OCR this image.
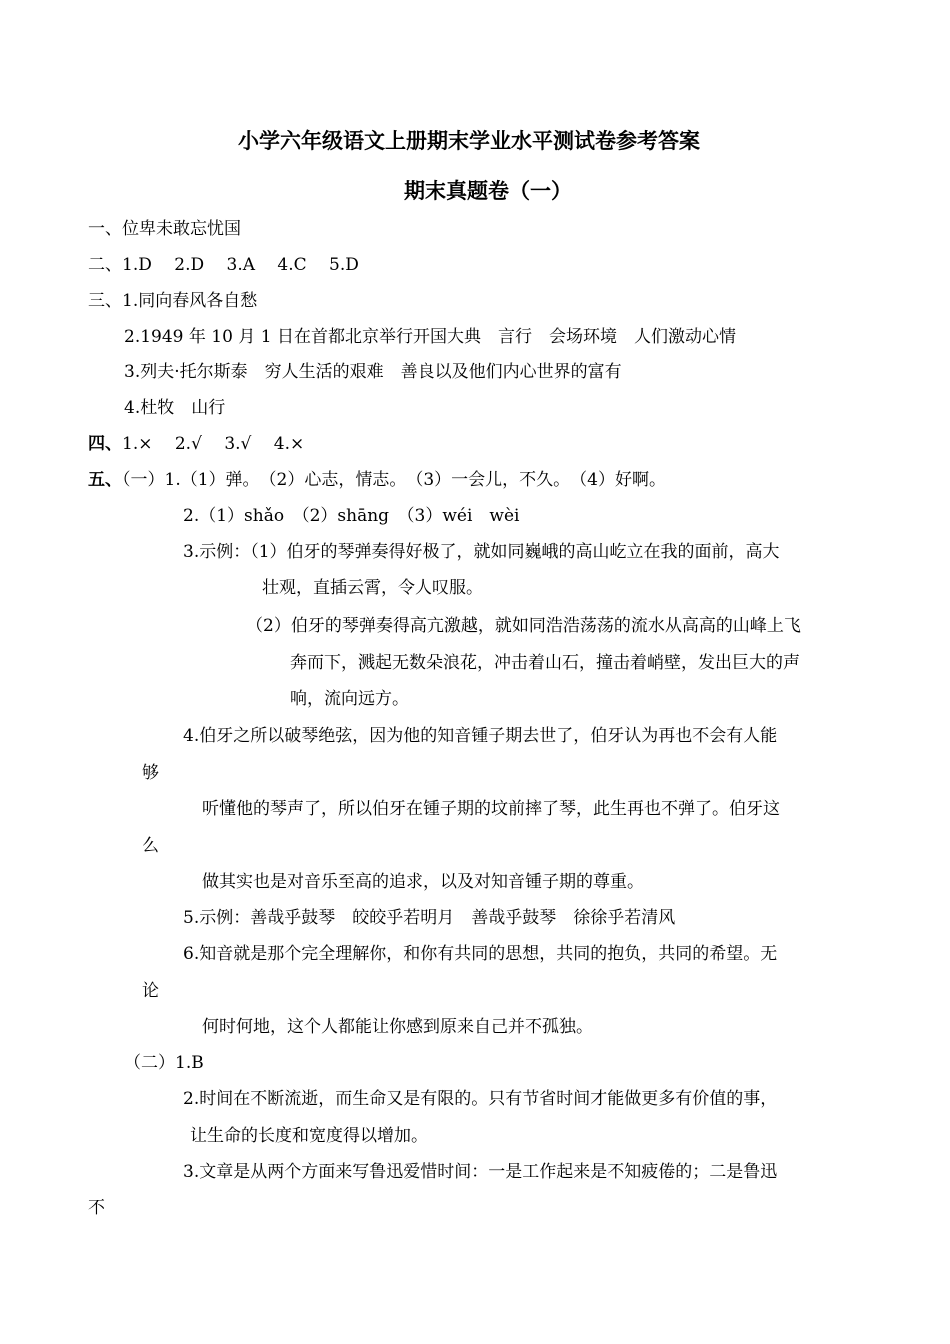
小学六年级语文上册期末学业水平测试卷参考答案
期末真题卷（一）
一、位卑未敢忘忧国
二、1.D　 2.D　 3.A　 4.C　 5.D
三、1.同向春风各自愁
2.1949 年 10 月 1 日在首都北京举行开国大典　言行　会场环境　人们激动心情
3.列夫·托尔斯泰　穷人生活的艰难　善良以及他们内心世界的富有
4.杜牧　山行
四、1.×　 2.√　 3.√　 4.×
五、（一）1.（1）弹。　（2）心志，情志。　（3）一会儿，不久。　（4）好啊。
2.（1）shǎo　（2）shāng　（3）wéi　wèi
3.示例：（1）伯牙的琴弹奏得好极了，就如同巍峨的高山屹立在我的面前，高大
壮观，直插云霄，令人叹服。
（2）伯牙的琴弹奏得高亢激越，就如同浩浩荡荡的流水从高高的山峰上飞
奔而下，溅起无数朵浪花，冲击着山石，撞击着峭壁，发出巨大的声
响，流向远方。
4.伯牙之所以破琴绝弦，因为他的知音锺子期去世了，伯牙认为再也不会有人能
够
听懂他的琴声了，所以伯牙在锺子期的坟前摔了琴，此生再也不弹了。伯牙这
么
做其实也是对音乐至高的追求，以及对知音锺子期的尊重。
5.示例：善哉乎鼓琴　皎皎乎若明月　善哉乎鼓琴　徐徐乎若清风
6.知音就是那个完全理解你，和你有共同的思想，共同的抱负，共同的希望。无
论
何时何地，这个人都能让你感到原来自己并不孤独。
（二）1.B
2.时间在不断流逝，而生命又是有限的。只有节省时间才能做更多有价值的事，
让生命的长度和宽度得以增加。
3.文章是从两个方面来写鲁迅爱惜时间：一是工作起来是不知疲倦的；二是鲁迅
不
